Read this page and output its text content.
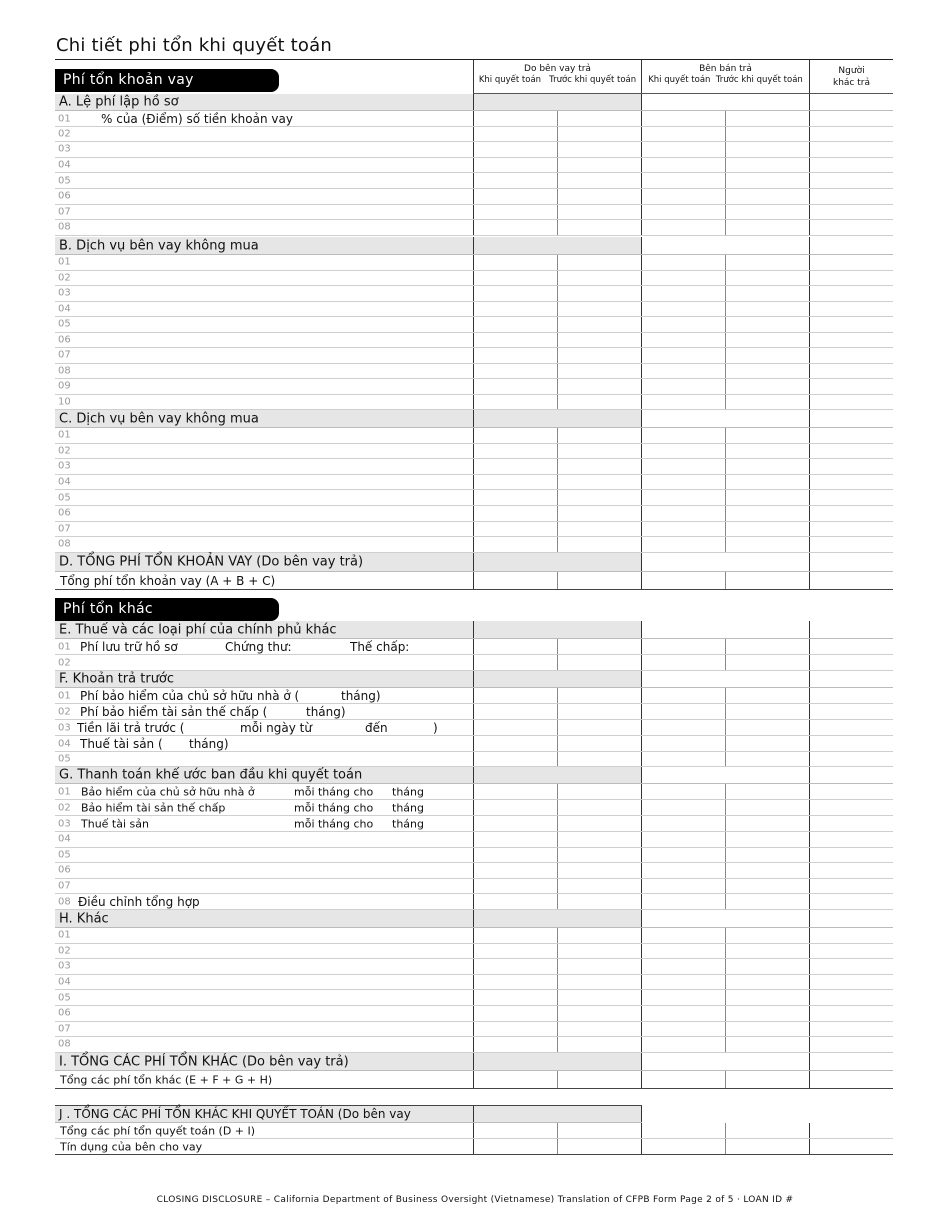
Chi tiết phi tổn khi quyết toán
Do bên vay trả
Khi quyết toán Trước khi quyết toán
Bên bán trả
Khi quyết toán Trước khi quyết toán
Người
khác trả
Phí tổn khoản vay
A. Lệ phí lập hồ sơ
01	% của (Điểm) số tiền khoản vay
02
03
04
05
06
07
08
B. Dịch vụ bên vay không mua
01
02
03
04
05
06
07
08
09
10
C. Dịch vụ bên vay không mua
01
02
03
04
05
06
07
08
D. TỔNG PHÍ TỔN KHOẢN VAY (Do bên vay trả)
Tổng phí tổn khoản vay (A + B + C)
Phí tổn khác
E. Thuế và các loại phí của chính phủ khác
01 Phí lưu trữ hồ sơ	Chứng thư:	Thế chấp:
02
F. Khoản trả trước
01 Phí bảo hiểm của chủ sở hữu nhà ở (	tháng)
02 Phí bảo hiểm tài sản thế chấp (	tháng)
03 Tiền lãi trả trước (	mỗi ngày từ	đến	)
04 Thuế tài sản ( tháng)
05
G. Thanh toán khế ước ban đầu khi quyết toán
01 Bảo hiểm của chủ sở hữu nhà ở	mỗi tháng cho tháng
02 Bảo hiểm tài sản thế chấp	mỗi tháng cho tháng
03 Thuế tài sản	mỗi tháng cho tháng
04
05
06
07
08 Điều chỉnh tổng hợp
H. Khác
01
02
03
04
05
06
07
08
I. TỔNG CÁC PHÍ TỔN KHÁC (Do bên vay trả)
Tổng các phí tổn khác (E + F + G + H)
J . TỔNG CÁC PHÍ TỔN KHÁC KHI QUYẾT TOÁN (Do bên vay
Tổng các phí tổn quyết toán (D + I)
Tín dụng của bên cho vay
CLOSING DISCLOSURE – California Department of Business Oversight (Vietnamese) Translation of CFPB Form Page 2 of 5 · LOAN ID #
